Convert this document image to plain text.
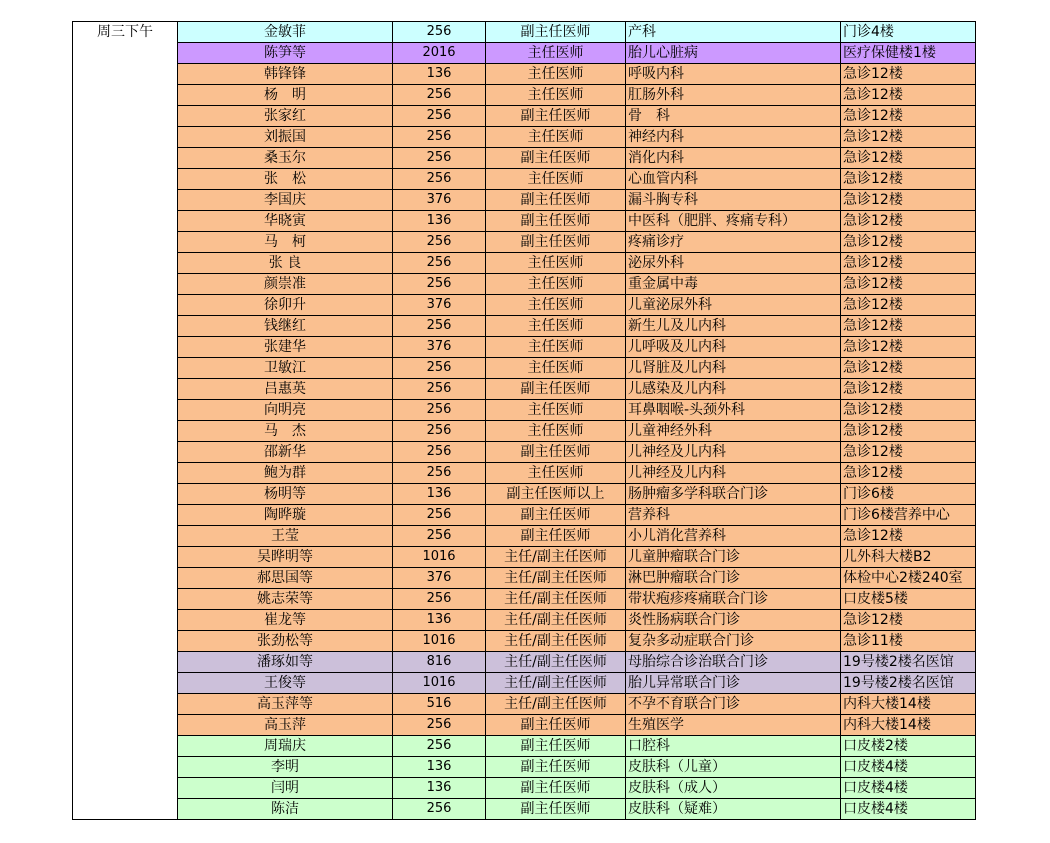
周三下午	金敏菲	256	副主任医师	产科	门诊4楼
	陈笋等	2016	主任医师	胎儿心脏病	医疗保健楼1楼
	韩锋锋	136	主任医师	呼吸内科	急诊12楼
	杨　明	256	主任医师	肛肠外科	急诊12楼
	张家红	256	副主任医师	骨　科	急诊12楼
	刘振国	256	主任医师	神经内科	急诊12楼
	桑玉尔	256	副主任医师	消化内科	急诊12楼
	张　松	256	主任医师	心血管内科	急诊12楼
	李国庆	376	副主任医师	漏斗胸专科	急诊12楼
	华晓寅	136	副主任医师	中医科（肥胖、疼痛专科）	急诊12楼
	马　柯	256	副主任医师	疼痛诊疗	急诊12楼
	张 良	256	主任医师	泌尿外科	急诊12楼
	颜崇准	256	主任医师	重金属中毒	急诊12楼
	徐卯升	376	主任医师	儿童泌尿外科	急诊12楼
	钱继红	256	主任医师	新生儿及儿内科	急诊12楼
	张建华	376	主任医师	儿呼吸及儿内科	急诊12楼
	卫敏江	256	主任医师	儿肾脏及儿内科	急诊12楼
	吕惠英	256	副主任医师	儿感染及儿内科	急诊12楼
	向明亮	256	主任医师	耳鼻咽喉-头颈外科	急诊12楼
	马　杰	256	主任医师	儿童神经外科	急诊12楼
	邵新华	256	副主任医师	儿神经及儿内科	急诊12楼
	鲍为群	256	主任医师	儿神经及儿内科	急诊12楼
	杨明等	136	副主任医师以上	肠肿瘤多学科联合门诊	门诊6楼
	陶晔璇	256	副主任医师	营养科	门诊6楼营养中心
	王莹	256	副主任医师	小儿消化营养科	急诊12楼
	吴晔明等	1016	主任/副主任医师	儿童肿瘤联合门诊	儿外科大楼B2
	郝思国等	376	主任/副主任医师	淋巴肿瘤联合门诊	体检中心2楼240室
	姚志荣等	256	主任/副主任医师	带状疱疹疼痛联合门诊	口皮楼5楼
	崔龙等	136	主任/副主任医师	炎性肠病联合门诊	急诊12楼
	张劲松等	1016	主任/副主任医师	复杂多动症联合门诊	急诊11楼
	潘琢如等	816	主任/副主任医师	母胎综合诊治联合门诊	19号楼2楼名医馆
	王俊等	1016	主任/副主任医师	胎儿异常联合门诊	19号楼2楼名医馆
	高玉萍等	516	主任/副主任医师	不孕不育联合门诊	内科大楼14楼
	高玉萍	256	副主任医师	生殖医学	内科大楼14楼
	周瑞庆	256	副主任医师	口腔科	口皮楼2楼
	李明	136	副主任医师	皮肤科（儿童）	口皮楼4楼
	闫明	136	副主任医师	皮肤科（成人）	口皮楼4楼
	陈洁	256	副主任医师	皮肤科（疑难）	口皮楼4楼
